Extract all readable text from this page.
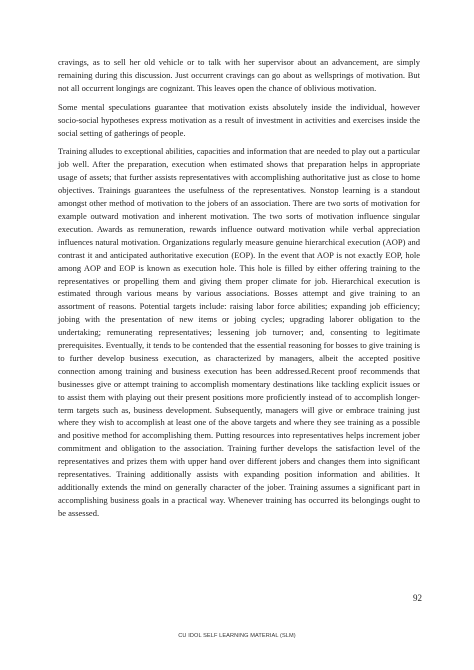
cravings, as to sell her old vehicle or to talk with her supervisor about an advancement, are simply remaining during this discussion. Just occurrent cravings can go about as wellsprings of motivation. But not all occurrent longings are cognizant. This leaves open the chance of oblivious motivation.

Some mental speculations guarantee that motivation exists absolutely inside the individual, however socio-social hypotheses express motivation as a result of investment in activities and exercises inside the social setting of gatherings of people.

Training alludes to exceptional abilities, capacities and information that are needed to play out a particular job well. After the preparation, execution when estimated shows that preparation helps in appropriate usage of assets; that further assists representatives with accomplishing authoritative just as close to home objectives. Trainings guarantees the usefulness of the representatives. Nonstop learning is a standout amongst other method of motivation to the jobers of an association. There are two sorts of motivation for example outward motivation and inherent motivation. The two sorts of motivation influence singular execution. Awards as remuneration, rewards influence outward motivation while verbal appreciation influences natural motivation. Organizations regularly measure genuine hierarchical execution (AOP) and contrast it and anticipated authoritative execution (EOP). In the event that AOP is not exactly EOP, hole among AOP and EOP is known as execution hole. This hole is filled by either offering training to the representatives or propelling them and giving them proper climate for job. Hierarchical execution is estimated through various means by various associations. Bosses attempt and give training to an assortment of reasons. Potential targets include: raising labor force abilities; expanding job efficiency; jobing with the presentation of new items or jobing cycles; upgrading laborer obligation to the undertaking; remunerating representatives; lessening job turnover; and, consenting to legitimate prerequisites. Eventually, it tends to be contended that the essential reasoning for bosses to give training is to further develop business execution, as characterized by managers, albeit the accepted positive connection among training and business execution has been addressed.Recent proof recommends that businesses give or attempt training to accomplish momentary destinations like tackling explicit issues or to assist them with playing out their present positions more proficiently instead of to accomplish longer-term targets such as, business development. Subsequently, managers will give or embrace training just where they wish to accomplish at least one of the above targets and where they see training as a possible and positive method for accomplishing them. Putting resources into representatives helps increment jober commitment and obligation to the association. Training further develops the satisfaction level of the representatives and prizes them with upper hand over different jobers and changes them into significant representatives. Training additionally assists with expanding position information and abilities. It additionally extends the mind on generally character of the jober. Training assumes a significant part in accomplishing business goals in a practical way. Whenever training has occurred its belongings ought to be assessed.

92
CU IDOL SELF LEARNING MATERIAL (SLM)
